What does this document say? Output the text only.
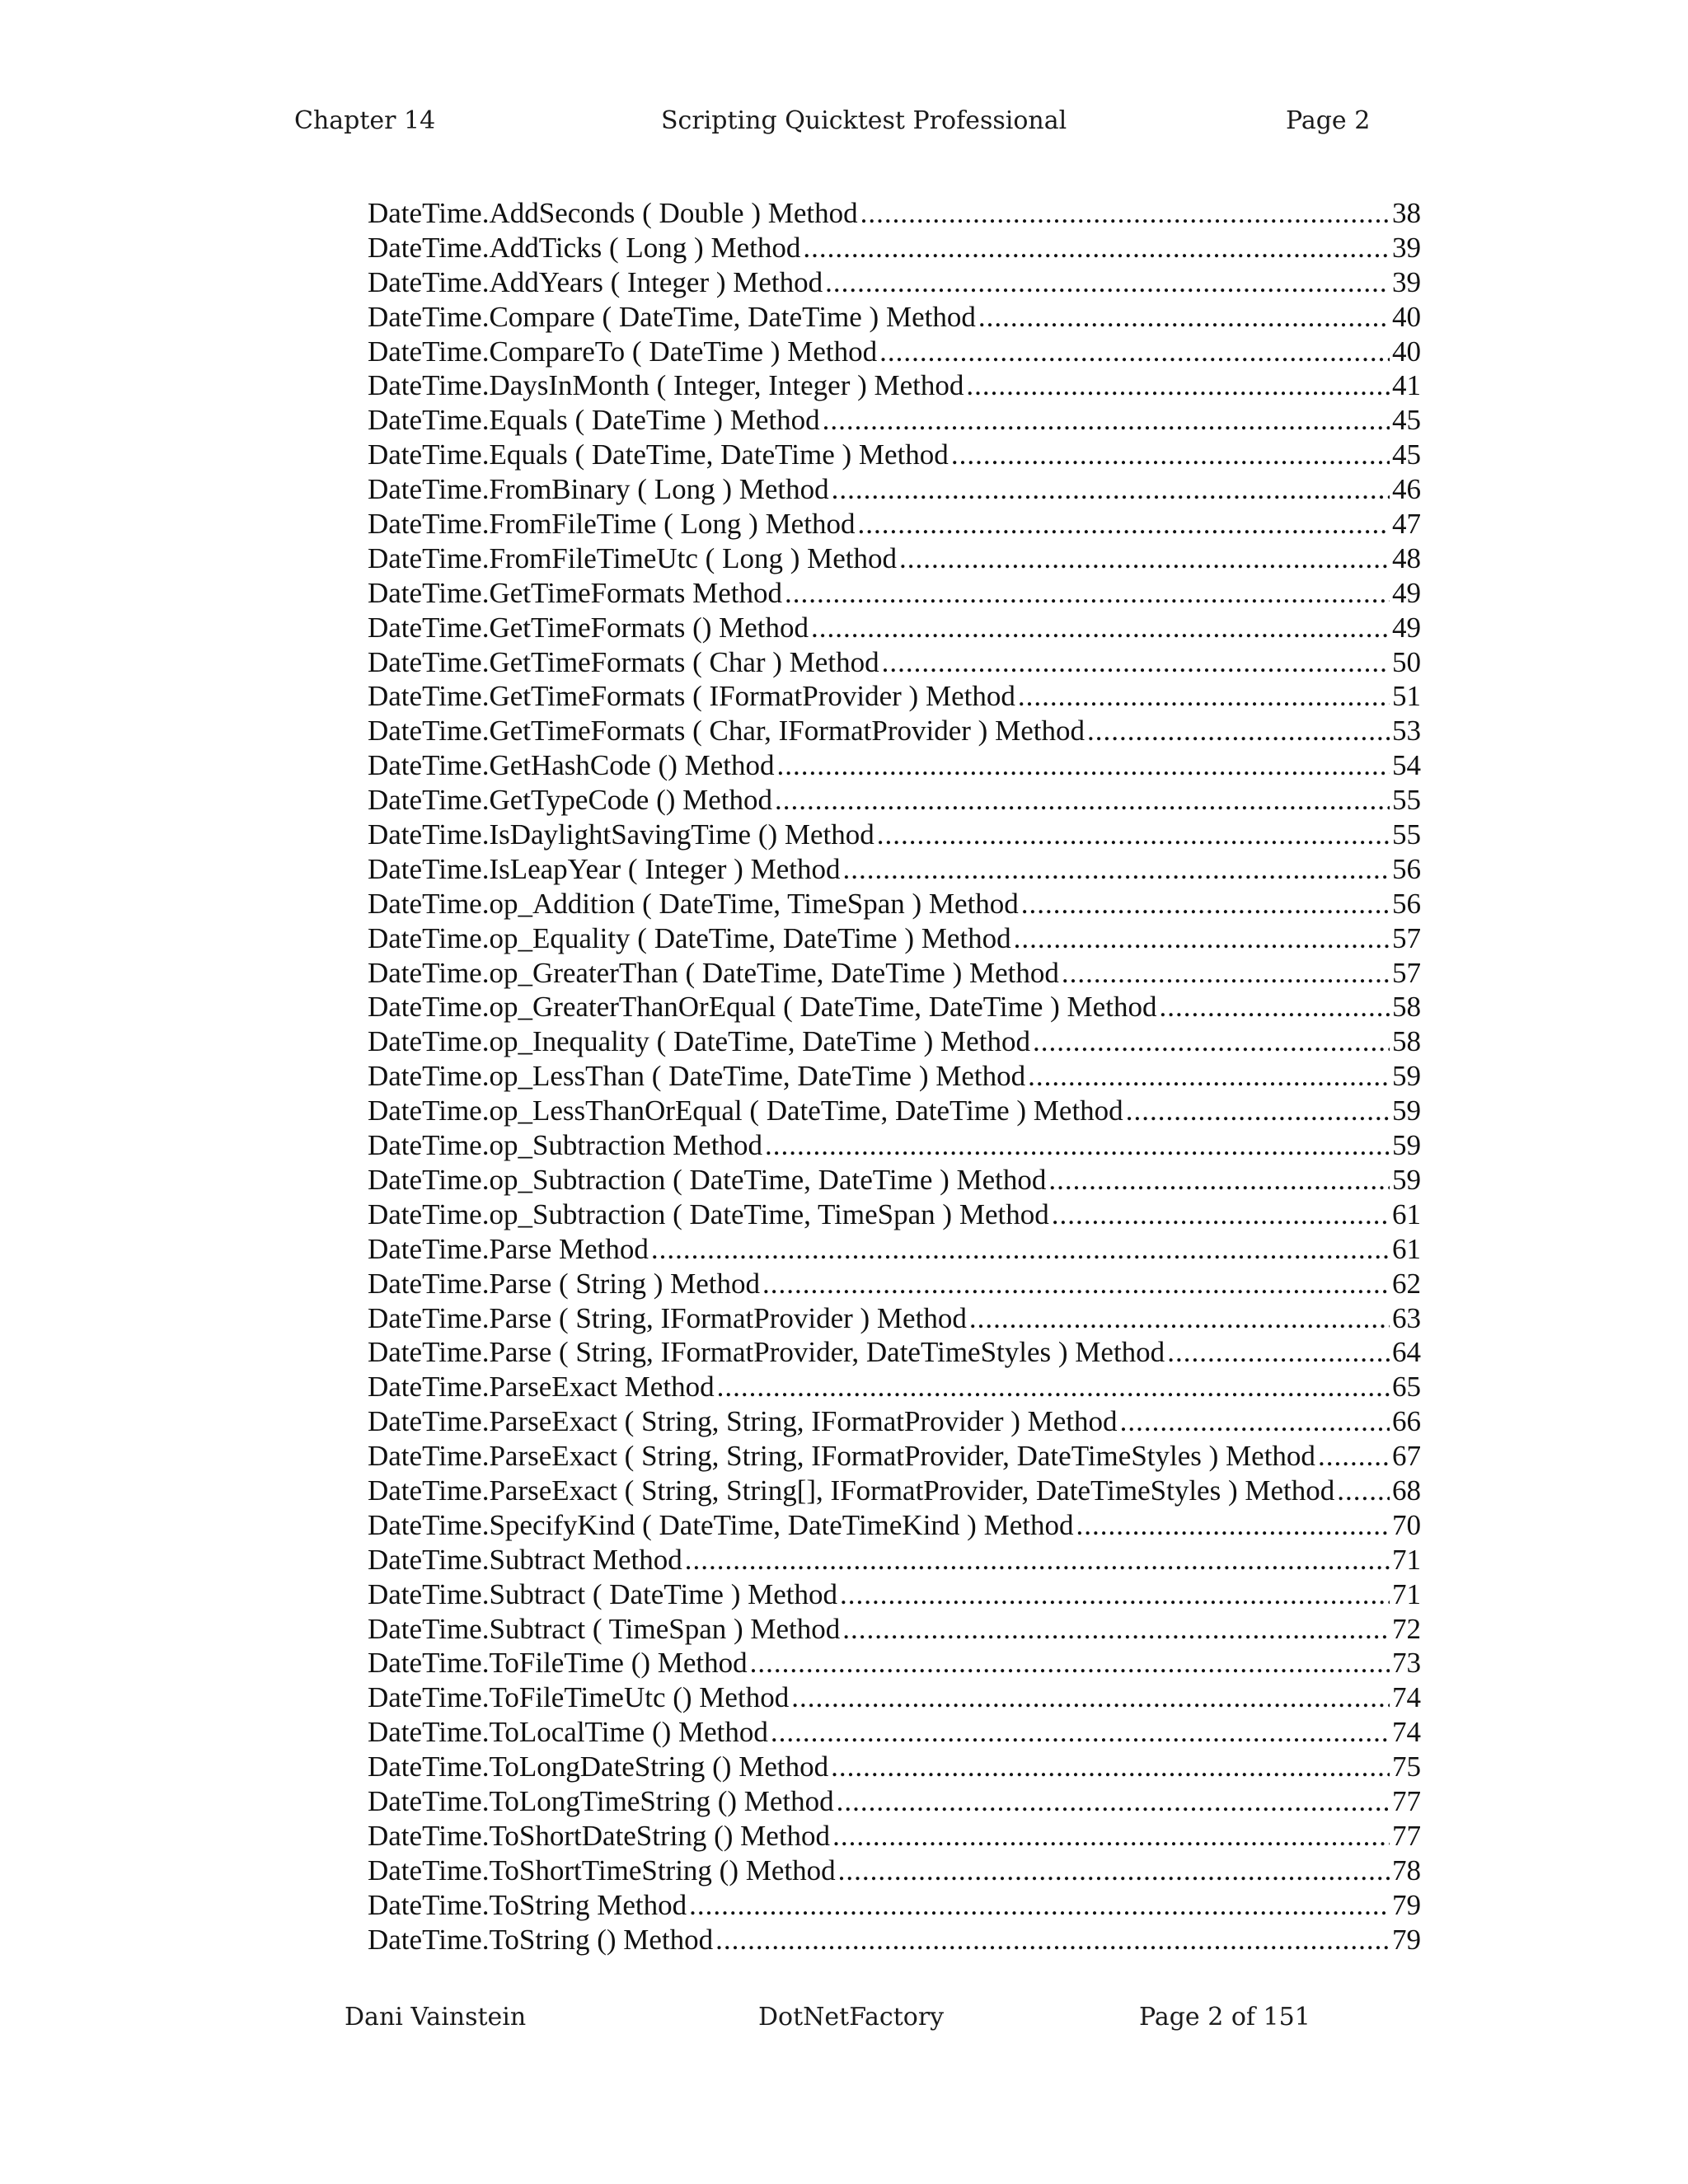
Chapter 14	Scripting Quicktest Professional	Page 2
DateTime.AddSeconds ( Double ) Method .....	38
DateTime.AddTicks ( Long ) Method .....	39
DateTime.AddYears ( Integer ) Method .....	39
DateTime.Compare ( DateTime, DateTime ) Method .....	40
DateTime.CompareTo ( DateTime ) Method .....	40
DateTime.DaysInMonth ( Integer, Integer ) Method .....	41
DateTime.Equals ( DateTime ) Method .....	45
DateTime.Equals ( DateTime, DateTime ) Method .....	45
DateTime.FromBinary ( Long ) Method .....	46
DateTime.FromFileTime ( Long ) Method .....	47
DateTime.FromFileTimeUtc ( Long ) Method .....	48
DateTime.GetTimeFormats Method .....	49
DateTime.GetTimeFormats () Method .....	49
DateTime.GetTimeFormats ( Char ) Method .....	50
DateTime.GetTimeFormats ( IFormatProvider ) Method .....	51
DateTime.GetTimeFormats ( Char, IFormatProvider ) Method .....	53
DateTime.GetHashCode () Method .....	54
DateTime.GetTypeCode () Method .....	55
DateTime.IsDaylightSavingTime () Method .....	55
DateTime.IsLeapYear ( Integer ) Method .....	56
DateTime.op_Addition ( DateTime, TimeSpan ) Method .....	56
DateTime.op_Equality ( DateTime, DateTime ) Method .....	57
DateTime.op_GreaterThan ( DateTime, DateTime ) Method .....	57
DateTime.op_GreaterThanOrEqual ( DateTime, DateTime ) Method .....	58
DateTime.op_Inequality ( DateTime, DateTime ) Method .....	58
DateTime.op_LessThan ( DateTime, DateTime ) Method .....	59
DateTime.op_LessThanOrEqual ( DateTime, DateTime ) Method .....	59
DateTime.op_Subtraction Method .....	59
DateTime.op_Subtraction ( DateTime, DateTime ) Method .....	59
DateTime.op_Subtraction ( DateTime, TimeSpan ) Method .....	61
DateTime.Parse Method .....	61
DateTime.Parse ( String ) Method .....	62
DateTime.Parse ( String, IFormatProvider ) Method .....	63
DateTime.Parse ( String, IFormatProvider, DateTimeStyles ) Method .....	64
DateTime.ParseExact Method .....	65
DateTime.ParseExact ( String, String, IFormatProvider ) Method .....	66
DateTime.ParseExact ( String, String, IFormatProvider, DateTimeStyles ) Method .....	67
DateTime.ParseExact ( String, String[], IFormatProvider, DateTimeStyles ) Method ..... 68
DateTime.SpecifyKind ( DateTime, DateTimeKind ) Method .....	70
DateTime.Subtract Method .....	71
DateTime.Subtract ( DateTime ) Method .....	71
DateTime.Subtract ( TimeSpan ) Method .....	72
DateTime.ToFileTime () Method .....	73
DateTime.ToFileTimeUtc () Method .....	74
DateTime.ToLocalTime () Method .....	74
DateTime.ToLongDateString () Method .....	75
DateTime.ToLongTimeString () Method .....	77
DateTime.ToShortDateString () Method .....	77
DateTime.ToShortTimeString () Method .....	78
DateTime.ToString Method .....	79
DateTime.ToString () Method .....	79
Dani Vainstein	DotNetFactory	Page 2 of 151
